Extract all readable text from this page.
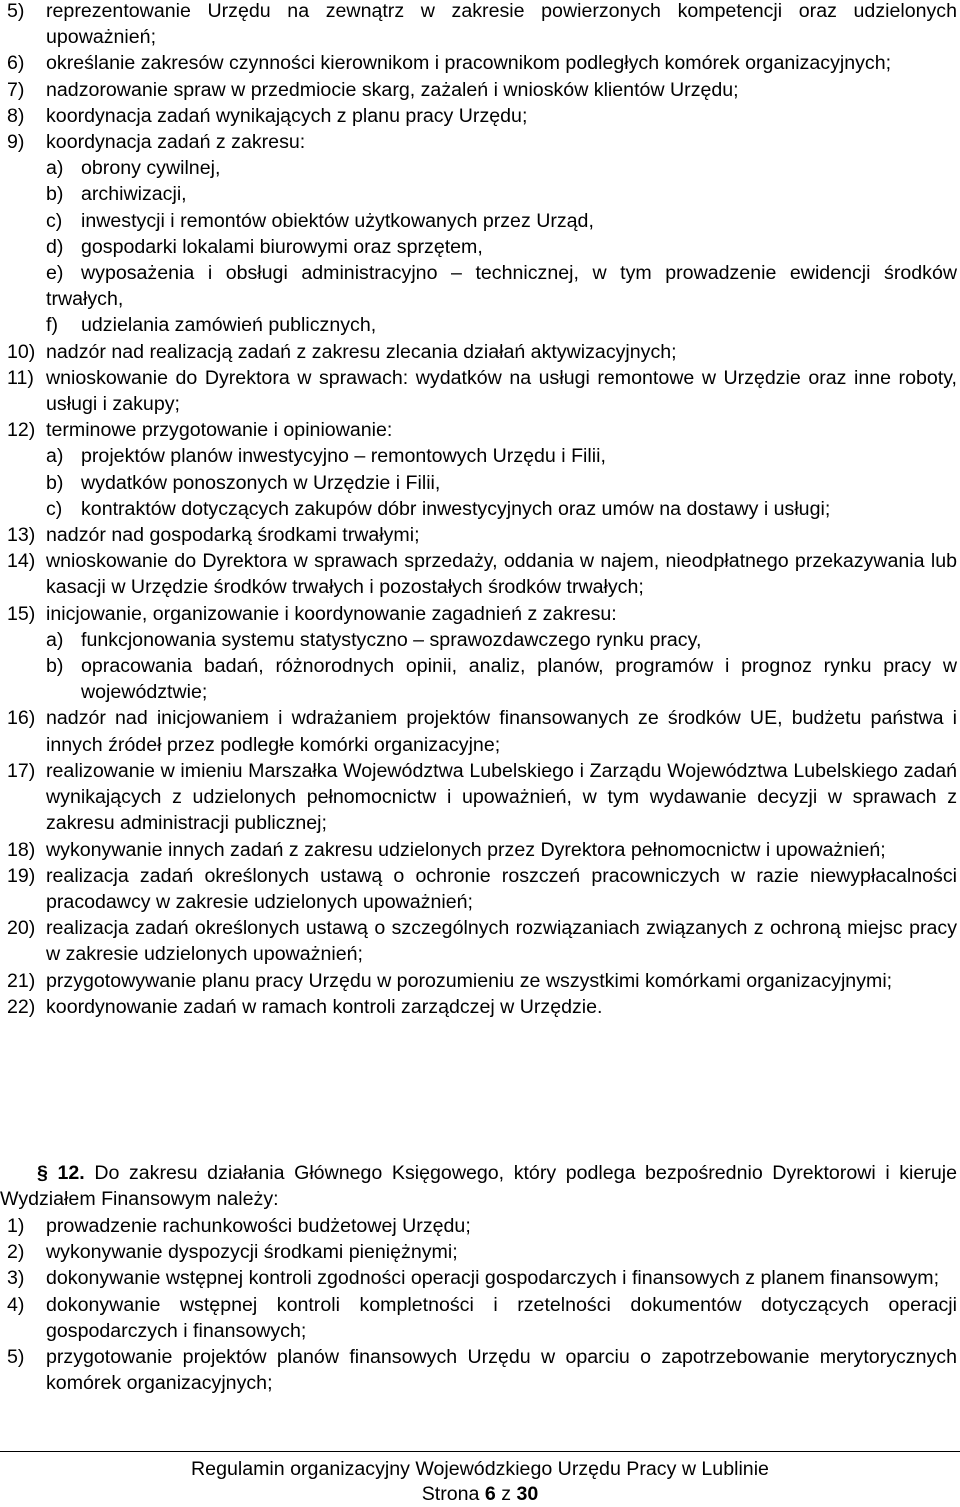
5) reprezentowanie Urzędu na zewnątrz w zakresie powierzonych kompetencji oraz udzielonych upoważnień;
6) określanie zakresów czynności kierownikom i pracownikom podległych komórek organizacyjnych;
7) nadzorowanie spraw w przedmiocie skarg, zażaleń i wniosków klientów Urzędu;
8) koordynacja zadań wynikających z planu pracy Urzędu;
9) koordynacja zadań z zakresu:
a) obrony cywilnej,
b) archiwizacji,
c) inwestycji i remontów obiektów użytkowanych przez Urząd,
d) gospodarki lokalami biurowymi oraz sprzętem,
e) wyposażenia i obsługi administracyjno – technicznej, w tym prowadzenie ewidencji środków trwałych,
f)	udzielania zamówień publicznych,
10) nadzór nad realizacją zadań z zakresu zlecania działań aktywizacyjnych;
11) wnioskowanie do Dyrektora w sprawach: wydatków na usługi remontowe w Urzędzie oraz inne roboty, usługi i zakupy;
12) terminowe przygotowanie i opiniowanie:
a) projektów planów inwestycyjno – remontowych Urzędu i Filii,
b) wydatków ponoszonych w Urzędzie i Filii,
c) kontraktów dotyczących zakupów dóbr inwestycyjnych oraz umów na dostawy i usługi;
13) nadzór nad gospodarką środkami trwałymi;
14) wnioskowanie do Dyrektora w sprawach sprzedaży, oddania w najem, nieodpłatnego przekazywania lub kasacji w Urzędzie środków trwałych i pozostałych środków trwałych;
15) inicjowanie, organizowanie i koordynowanie zagadnień z zakresu:
a) funkcjonowania systemu statystyczno – sprawozdawczego rynku pracy,
b) opracowania badań, różnorodnych opinii, analiz, planów, programów i prognoz rynku pracy w województwie;
16) nadzór nad inicjowaniem i wdrażaniem projektów finansowanych ze środków UE, budżetu państwa i innych źródeł przez podległe komórki organizacyjne;
17) realizowanie w imieniu Marszałka Województwa Lubelskiego i Zarządu Województwa Lubelskiego zadań wynikających z udzielonych pełnomocnictw i upoważnień, w tym wydawanie decyzji w sprawach z zakresu administracji publicznej;
18) wykonywanie innych zadań z zakresu udzielonych przez Dyrektora pełnomocnictw i upoważnień;
19) realizacja zadań określonych ustawą o ochronie roszczeń pracowniczych w razie niewypłacalności pracodawcy w zakresie udzielonych upoważnień;
20) realizacja zadań określonych ustawą o szczególnych rozwiązaniach związanych z ochroną miejsc pracy w zakresie udzielonych upoważnień;
21) przygotowywanie planu pracy Urzędu w porozumieniu ze wszystkimi komórkami organizacyjnymi;
22) koordynowanie zadań w ramach kontroli zarządczej w Urzędzie.

§ 12. Do zakresu działania Głównego Księgowego, który podlega bezpośrednio Dyrektorowi i kieruje Wydziałem Finansowym należy:

1) prowadzenie rachunkowości budżetowej Urzędu;
2) wykonywanie dyspozycji środkami pieniężnymi;
3) dokonywanie wstępnej kontroli zgodności operacji gospodarczych i finansowych z planem finansowym;
4) dokonywanie wstępnej kontroli kompletności i rzetelności dokumentów dotyczących operacji gospodarczych i finansowych;
5) przygotowanie projektów planów finansowych Urzędu w oparciu o zapotrzebowanie merytorycznych komórek organizacyjnych;
Regulamin organizacyjny Wojewódzkiego Urzędu Pracy w Lublinie
Strona 6 z 30
